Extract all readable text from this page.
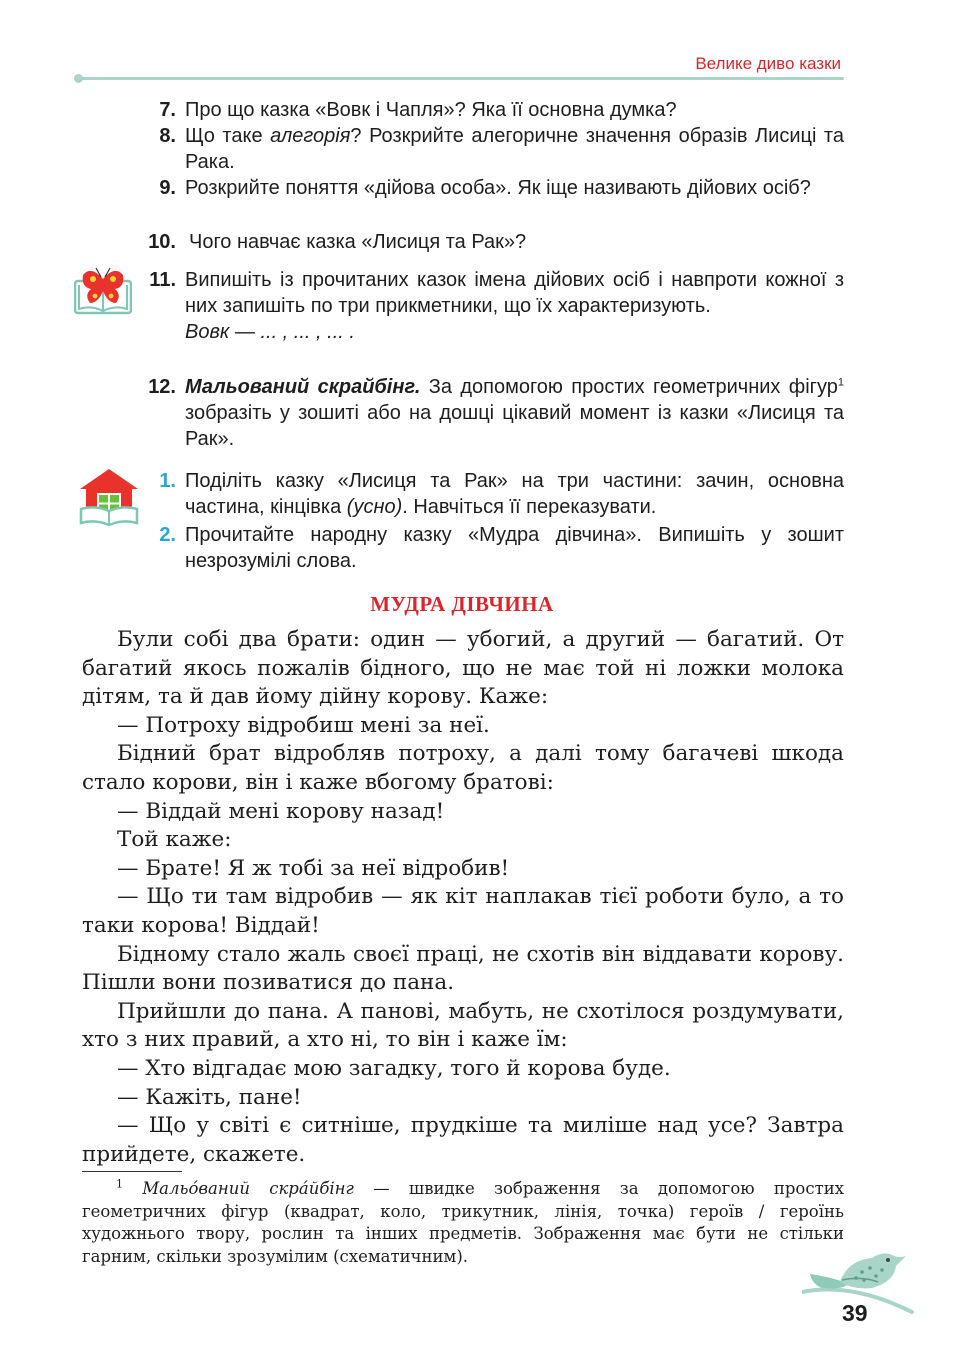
Велике диво казки
7. Про що казка «Вовк і Чапля»? Яка її основна думка?
8. Що таке алегорія? Розкрийте алегоричне значення образів Лисиці та Рака.
9. Розкрийте поняття «дійова особа». Як іще називають дійових осіб?
10. Чого навчає казка «Лисиця та Рак»?
11. Випишіть із прочитаних казок імена дійових осіб і навпроти кожної з них запишіть по три прикметники, що їх характеризують.
Вовк — ... , ... , ... .
12. Мальований скрайбінг. За допомогою простих геометричних фігур$^1$ зобразіть у зошиті або на дошці цікавий момент із казки «Лисиця та Рак».
1. Поділіть казку «Лисиця та Рак» на три частини: зачин, основна частина, кінцівка (усно). Навчіться її переказувати.
2. Прочитайте народну казку «Мудра дівчина». Випишіть у зошит незрозумілі слова.
МУДРА ДІВЧИНА

Були собі два брати: один — убогий, а другий — багатий. От багатий якось пожалів бідного, що не має той ні ложки молока дітям, та й дав йому дійну корову. Каже:

— Потроху відробиш мені за неї.

Бідний брат відробляв потроху, а далі тому багачеві шкода стало корови, він і каже вбогому братові:

— Віддай мені корову назад!

Той каже:

— Брате! Я ж тобі за неї відробив!

— Що ти там відробив — як кіт наплакав тієї роботи було, а то таки корова! Віддай!

Бідному стало жаль своєї праці, не схотів він віддавати корову. Пішли вони позиватися до пана.

Прийшли до пана. А панові, мабуть, не схотілося роздумувати, хто з них правий, а хто ні, то він і каже їм:

— Хто відгадає мою загадку, того й корова буде.

— Кажіть, пане!

— Що у світі є ситніше, прудкіше та миліше над усе? Завтра прийдете, скажете.

$^1$ Мальо́ваний скра́йбінг — швидке зображення за допомогою простих геометричних фігур (квадрат, коло, трикутник, лінія, точка) героїв / героїнь художнього твору, рослин та інших предметів. Зображення має бути не стільки гарним, скільки зрозумілим (схематичним).
39
